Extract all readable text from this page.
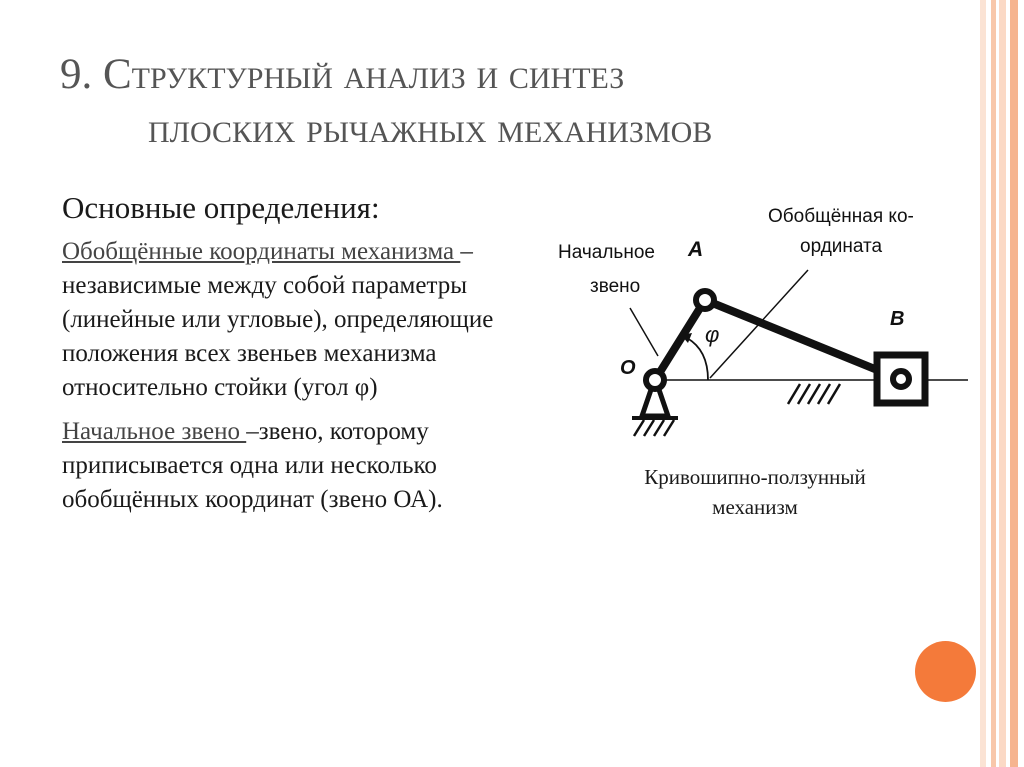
9. Структурный анализ и синтез
плоских рычажных механизмов
Основные определения:

Обобщённые координаты механизма – независимые между собой параметры (линейные или угловые), определяющие положения всех звеньев механизма относительно стойки (угол φ)

Начальное звено –звено, которому приписывается одна или несколько обобщённых координат (звено ОА).

Обобщённая ко-
ордината
Начальное
звено
A
B
O
φ
Кривошипно-ползунный механизм
